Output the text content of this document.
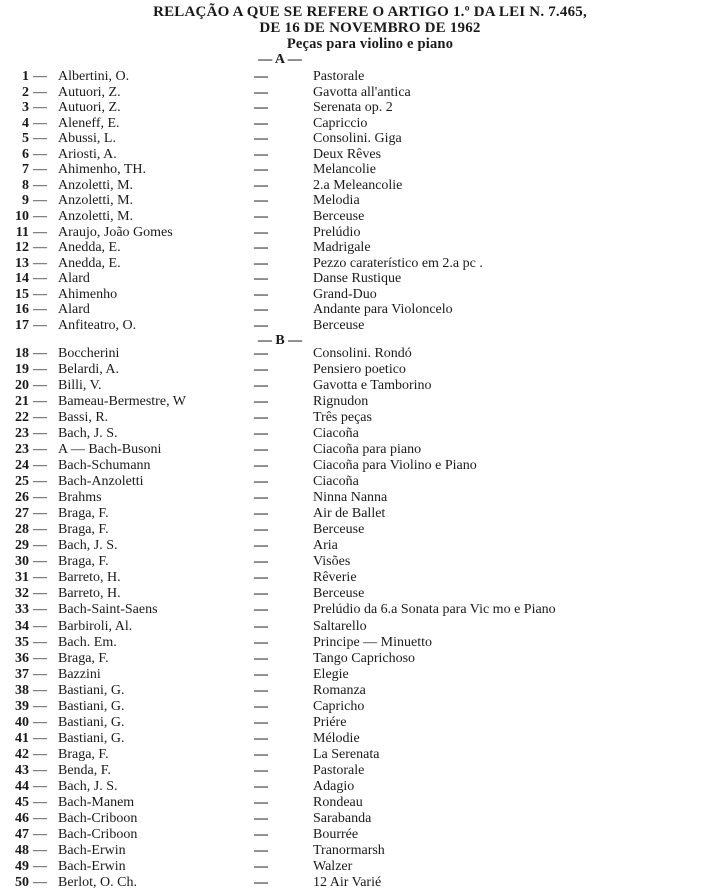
RELAÇÃO A QUE SE REFERE O ARTIGO 1.º DA LEI N. 7.465,
DE 16 DE NOVEMBRO DE 1962
Peças para violino e piano
— A —
1 — Albertini, O.	—	Pastorale
2 — Autuori, Z.	—	Gavotta all'antica
3 — Autuori, Z.	—	Serenata op. 2
4 — Aleneff, E.	—	Capriccio
5 — Abussi, L.	—	Consolini. Giga
6 — Ariosti, A.	—	Deux Rêves
7 — Ahimenho, TH.	—	Melancolie
8 — Anzoletti, M.	—	2.a Meleancolie
9 — Anzoletti, M.	—	Melodia
10 — Anzoletti, M.	—	Berceuse
11 — Araujo, João Gomes	—	Prelúdio
12 — Anedda, E.	—	Madrigale
13 — Anedda, E.	—	Pezzo caraterístico em 2.a pc .
14 — Alard	—	Danse Rustique
15 — Ahimenho	—	Grand-Duo
16 — Alard	—	Andante para Violoncelo
17 — Anfiteatro, O.	—	Berceuse
— B —
18 — Boccherini	—	Consolini. Rondó
19 — Belardi, A.	—	Pensiero poetico
20 — Billi, V.	—	Gavotta e Tamborino
21 — Bameau-Bermestre, W	—	Rignudon
22 — Bassi, R.	—	Três peças
23 — Bach, J. S.	—	Ciacoña
23 — A — Bach-Busoni	—	Ciacoña para piano
24 — Bach-Schumann	—	Ciacoña para Violino e Piano
25 — Bach-Anzoletti	—	Ciacoña
26 — Brahms	—	Ninna Nanna
27 — Braga, F.	—	Air de Ballet
28 — Braga, F.	—	Berceuse
29 — Bach, J. S.	—	Aria
30 — Braga, F.	—	Visões
31 — Barreto, H.	—	Rêverie
32 — Barreto, H.	—	Berceuse
33 — Bach-Saint-Saens	—	Prelúdio da 6.a Sonata para Vic mo e Piano
34 — Barbiroli, Al.	—	Saltarello
35 — Bach. Em.	—	Principe — Minuetto
36 — Braga, F.	—	Tango Caprichoso
37 — Bazzini	—	Elegie
38 — Bastiani, G.	—	Romanza
39 — Bastiani, G.	—	Capricho
40 — Bastiani, G.	—	Priére
41 — Bastiani, G.	—	Mélodie
42 — Braga, F.	—	La Serenata
43 — Benda, F.	—	Pastorale
44 — Bach, J. S.	—	Adagio
45 — Bach-Manem	—	Rondeau
46 — Bach-Criboon	—	Sarabanda
47 — Bach-Criboon	—	Bourrée
48 — Bach-Erwin	—	Tranormarsh
49 — Bach-Erwin	—	Walzer
50 — Berlot, O. Ch.	—	12 Air Varié
